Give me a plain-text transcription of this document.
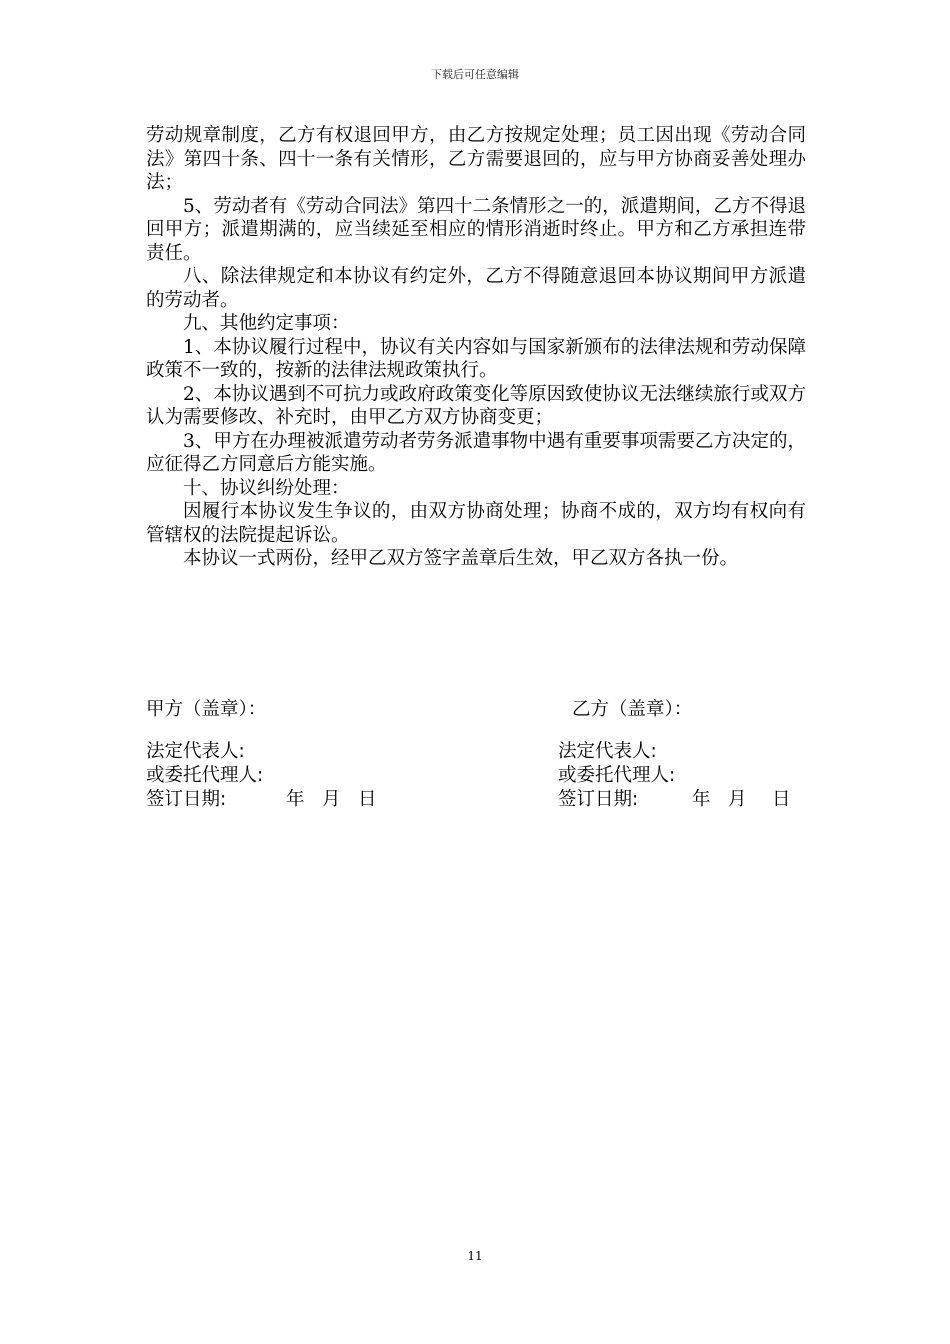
下载后可任意编辑

劳动规章制度，乙方有权退回甲方，由乙方按规定处理；员工因出现《劳动合同法》第四十条、四十一条有关情形，乙方需要退回的，应与甲方协商妥善处理办法；

5、劳动者有《劳动合同法》第四十二条情形之一的，派遣期间，乙方不得退回甲方；派遣期满的，应当续延至相应的情形消逝时终止。甲方和乙方承担连带责任。

八、除法律规定和本协议有约定外，乙方不得随意退回本协议期间甲方派遣的劳动者。

九、其他约定事项：

1、本协议履行过程中，协议有关内容如与国家新颁布的法律法规和劳动保障政策不一致的，按新的法律法规政策执行。

2、本协议遇到不可抗力或政府政策变化等原因致使协议无法继续旅行或双方认为需要修改、补充时，由甲乙方双方协商变更；

3、甲方在办理被派遣劳动者劳务派遣事物中遇有重要事项需要乙方决定的，应征得乙方同意后方能实施。

十、协议纠纷处理：

因履行本协议发生争议的，由双方协商处理；协商不成的，双方均有权向有管辖权的法院提起诉讼。

本协议一式两份，经甲乙双方签字盖章后生效，甲乙双方各执一份。

甲方（盖章）：
法定代表人:
或委托代理人:
签订日期:	年 月 日
乙方（盖章）：
法定代表人:
或委托代理人:
签订日期:	年 月 日
11
